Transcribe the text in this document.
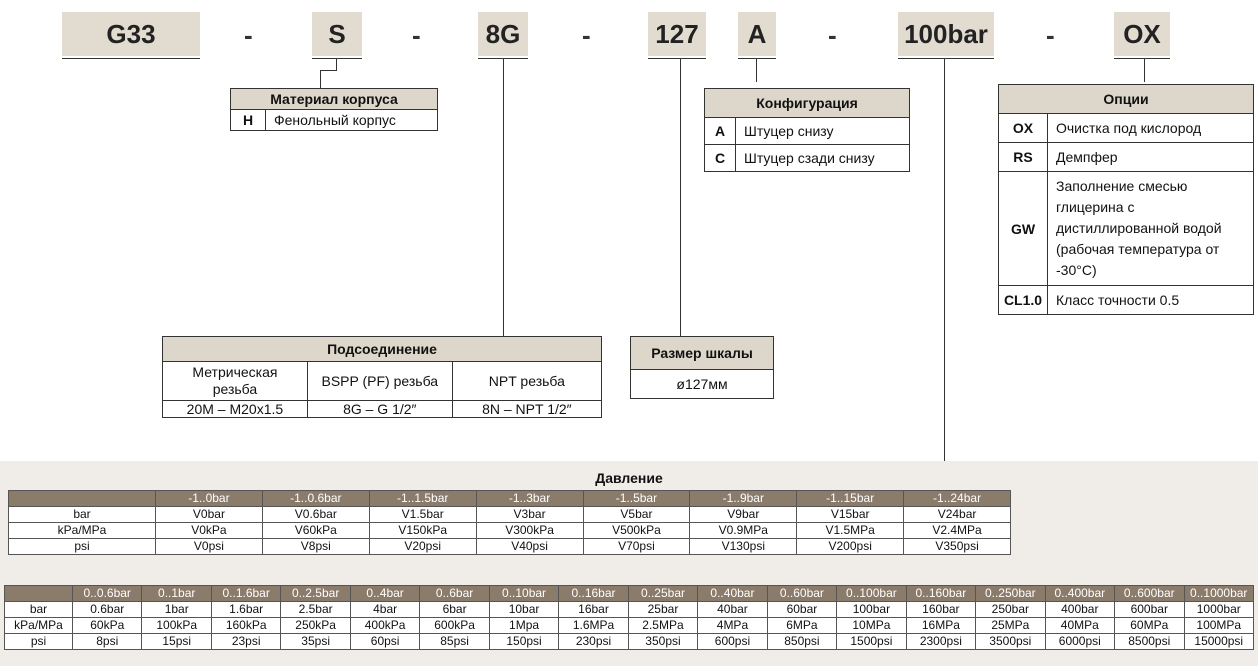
G33	-	S	- 8G - 127	A	-	100bar -	OX
Материал корпуса
H	Фенольный корпус
Конфигурация	
A	Штуцер снизу
C	Штуцер сзади снизу
Опции	
OX	Очистка под кислород
RS	Демпфер
GW	Заполнение смесью глицерина с дистиллированной водой (рабочая температура от -30°C)
CL1.0	Класс точности 0.5
Подсоединение		
Метрическая резьба	BSPP (PF) резьба	NPT резьба
20M – M20x1.5	8G – G 1/2″	8N – NPT 1/2″
Размер шкалы
ø127мм
Давление
	-1..0bar	-1..0.6bar	-1..1.5bar	-1..3bar	-1..5bar	-1..9bar	-1..15bar	-1..24bar
bar	V0bar	V0.6bar	V1.5bar	V3bar	V5bar	V9bar	V15bar	V24bar
kPa/MPa	V0kPa	V60kPa	V150kPa	V300kPa	V500kPa	V0.9MPa	V1.5MPa	V2.4MPa
psi	V0psi	V8psi	V20psi	V40psi	V70psi	V130psi	V200psi	V350psi
	0..0.6bar	0..1bar	0..1.6bar	0..2.5bar	0..4bar	0..6bar	0..10bar	0..16bar	0..25bar	0..40bar	0..60bar	0..100bar	0..160bar	0..250bar	0..400bar	0..600bar	0..1000bar
bar	0.6bar	1bar	1.6bar	2.5bar	4bar	6bar	10bar	16bar	25bar	40bar	60bar	100bar	160bar	250bar	400bar	600bar	1000bar
kPa/MPa	60kPa	100kPa	160kPa	250kPa	400kPa	600kPa	1Mpa	1.6MPa	2.5MPa	4MPa	6MPa	10MPa	16MPa	25MPa	40MPa	60MPa	100MPa
psi	8psi	15psi	23psi	35psi	60psi	85psi	150psi	230psi	350psi	600psi	850psi	1500psi	2300psi	3500psi	6000psi	8500psi	15000psi
